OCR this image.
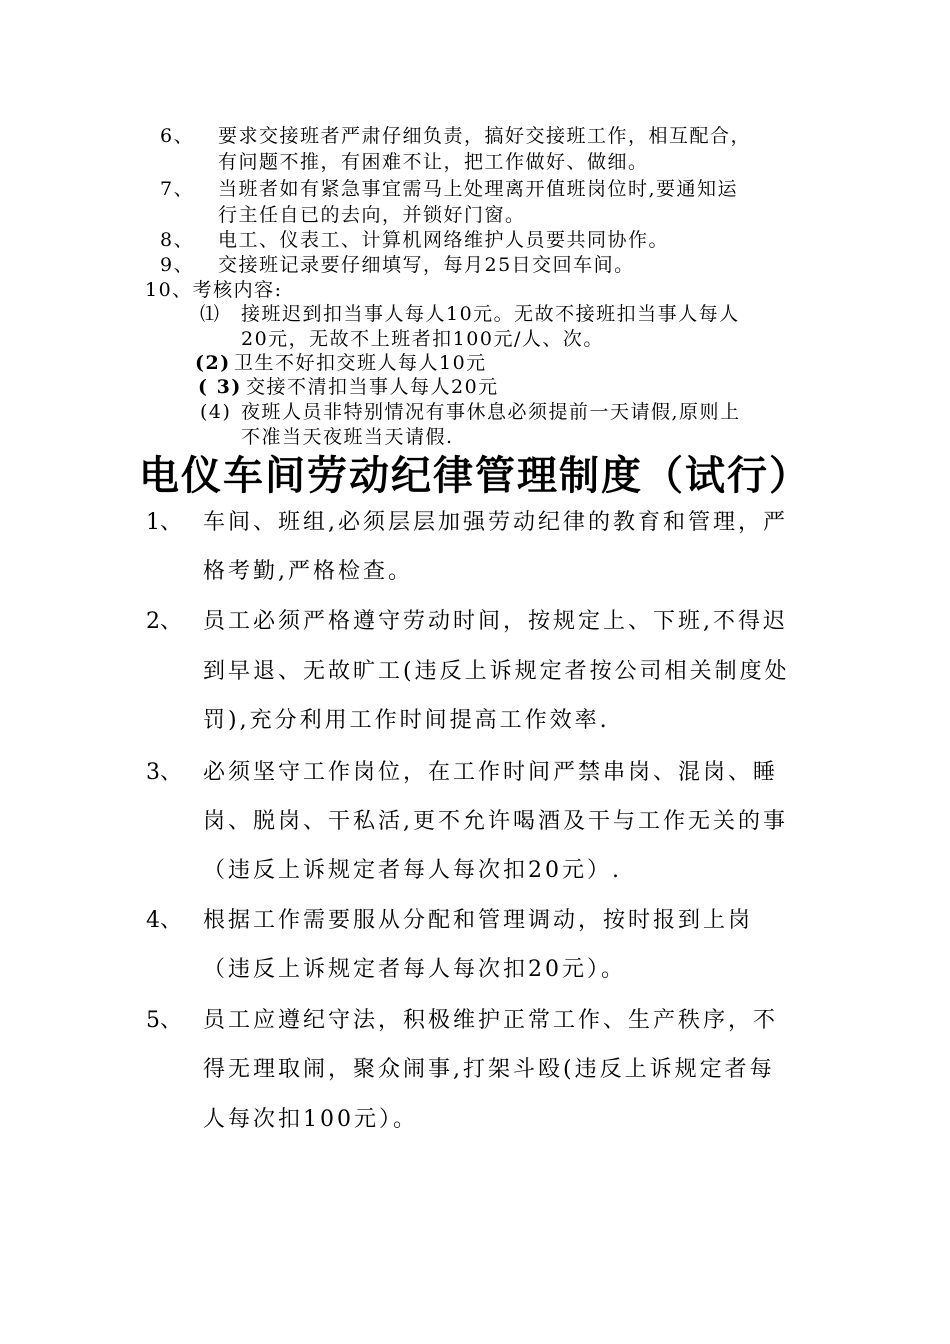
6、 要求交接班者严肃仔细负责，搞好交接班工作，相互配合，
有问题不推，有困难不让，把工作做好、做细。
7、 当班者如有紧急事宜需马上处理离开值班岗位时,要通知运
行主任自已的去向，并锁好门窗。
8、 电工、仪表工、计算机网络维护人员要共同协作。
9、 交接班记录要仔细填写，每月25日交回车间。
10、考核内容:
⑴ 接班迟到扣当事人每人10元。无故不接班扣当事人每人
20元，无故不上班者扣100元/人、次。
(2) 卫生不好扣交班人每人10元
( 3) 交接不清扣当事人每人20元
(4) 夜班人员非特别情况有事休息必须提前一天请假,原则上
不准当天夜班当天请假.
电仪车间劳动纪律管理制度（试行）
1、 车间、班组,必须层层加强劳动纪律的教育和管理，严
格考勤,严格检查。
2、 员工必须严格遵守劳动时间，按规定上、下班,不得迟
到早退、无故旷工(违反上诉规定者按公司相关制度处
罚),充分利用工作时间提高工作效率.
3、 必须坚守工作岗位，在工作时间严禁串岗、混岗、睡
岗、脱岗、干私活,更不允许喝酒及干与工作无关的事
（违反上诉规定者每人每次扣20元）.
4、 根据工作需要服从分配和管理调动，按时报到上岗
（违反上诉规定者每人每次扣20元）。
5、 员工应遵纪守法，积极维护正常工作、生产秩序，不
得无理取闹，聚众闹事,打架斗殴(违反上诉规定者每
人每次扣100元）。
